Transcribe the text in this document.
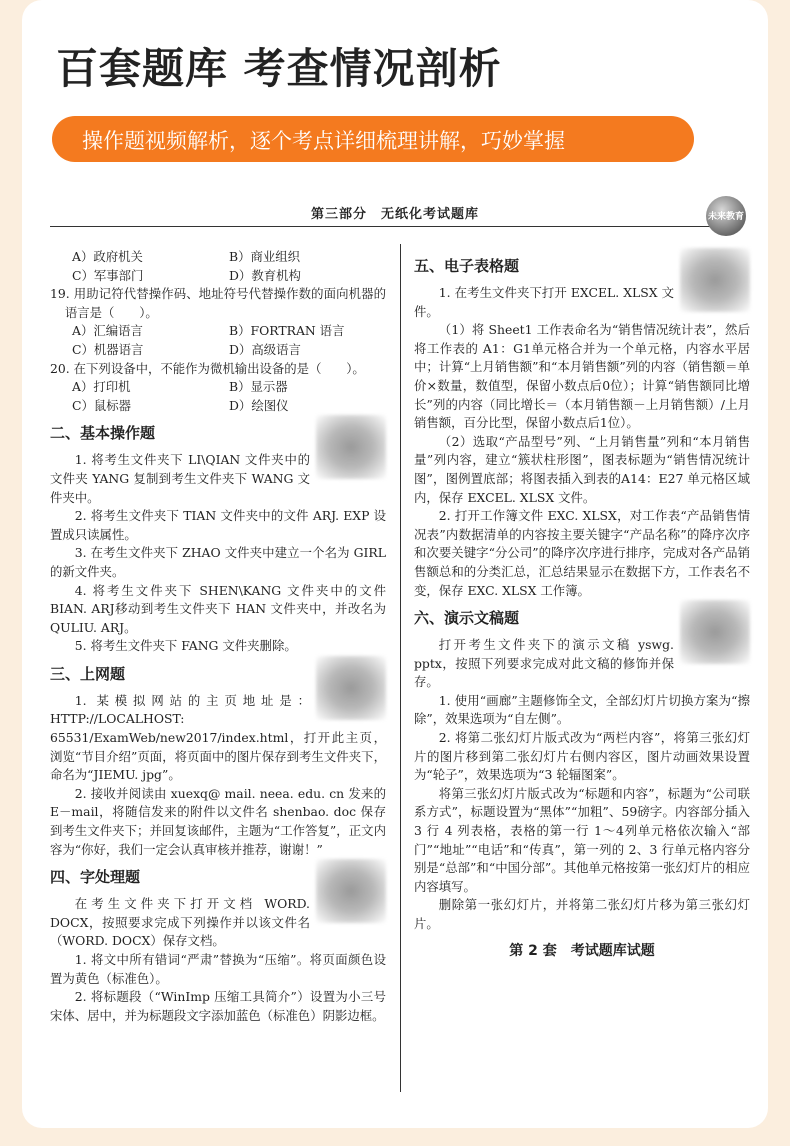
百套题库 考查情况剖析
操作题视频解析，逐个考点详细梳理讲解，巧妙掌握
第三部分　无纸化考试题库	未来教育
A）政府机关	B）商业组织
C）军事部门	D）教育机构

19. 用助记符代替操作码、地址符号代替操作数的面向机器的语言是（　　）。

A）汇编语言	B）FORTRAN 语言
C）机器语言	D）高级语言

20. 在下列设备中，不能作为微机输出设备的是（　　）。

A）打印机	B）显示器
C）鼠标器	D）绘图仪
二、基本操作题

1. 将考生文件夹下 LI\QIAN 文件夹中的文件夹 YANG 复制到考生文件夹下 WANG 文件夹中。

2. 将考生文件夹下 TIAN 文件夹中的文件 ARJ. EXP 设置成只读属性。

3. 在考生文件夹下 ZHAO 文件夹中建立一个名为 GIRL 的新文件夹。

4. 将考生文件夹下 SHEN\KANG 文件夹中的文件BIAN. ARJ移动到考生文件夹下 HAN 文件夹中，并改名为 QULIU. ARJ。

5. 将考生文件夹下 FANG 文件夹删除。

三、上网题

1. 某模拟网站的主页地址是：HTTP://LOCALHOST: 65531/ExamWeb/new2017/index.html，打开此主页，浏览“节目介绍”页面，将页面中的图片保存到考生文件夹下，命名为“JIEMU. jpg”。

2. 接收并阅读由 xuexq@ mail. neea. edu. cn 发来的 E－mail，将随信发来的附件以文件名 shenbao. doc 保存到考生文件夹下；并回复该邮件，主题为“工作答复”，正文内容为“你好，我们一定会认真审核并推荐，谢谢！”

四、字处理题

在考生文件夹下打开文档 WORD. DOCX，按照要求完成下列操作并以该文件名（WORD. DOCX）保存文档。

1. 将文中所有错词“严肃”替换为“压缩”。将页面颜色设置为黄色（标准色）。

2. 将标题段（“WinImp 压缩工具简介”）设置为小三号宋体、居中，并为标题段文字添加蓝色（标准色）阴影边框。

五、电子表格题

1. 在考生文件夹下打开 EXCEL. XLSX 文件。

（1）将 Sheet1 工作表命名为“销售情况统计表”，然后将工作表的 A1：G1单元格合并为一个单元格，内容水平居中；计算“上月销售额”和“本月销售额”列的内容（销售额＝单价×数量，数值型，保留小数点后0位）；计算“销售额同比增长”列的内容（同比增长＝（本月销售额－上月销售额）/上月销售额，百分比型，保留小数点后1位）。

（2）选取“产品型号”列、“上月销售量”列和“本月销售量”列内容，建立“簇状柱形图”，图表标题为“销售情况统计图”，图例置底部；将图表插入到表的A14：E27 单元格区域内，保存 EXCEL. XLSX 文件。

2. 打开工作簿文件 EXC. XLSX，对工作表“产品销售情况表”内数据清单的内容按主要关键字“产品名称”的降序次序和次要关键字“分公司”的降序次序进行排序，完成对各产品销售额总和的分类汇总，汇总结果显示在数据下方，工作表名不变，保存 EXC. XLSX 工作簿。

六、演示文稿题

打开考生文件夹下的演示文稿 yswg. pptx，按照下列要求完成对此文稿的修饰并保存。

1. 使用“画廊”主题修饰全文，全部幻灯片切换方案为“擦除”，效果选项为“自左侧”。

2. 将第二张幻灯片版式改为“两栏内容”，将第三张幻灯片的图片移到第二张幻灯片右侧内容区，图片动画效果设置为“轮子”，效果选项为“3 轮辐图案”。

将第三张幻灯片版式改为“标题和内容”，标题为“公司联系方式”，标题设置为“黑体”“加粗”、59磅字。内容部分插入 3 行 4 列表格，表格的第一行 1～4列单元格依次输入“部门”“地址”“电话”和“传真”，第一列的 2、3 行单元格内容分别是“总部”和“中国分部”。其他单元格按第一张幻灯片的相应内容填写。

删除第一张幻灯片，并将第二张幻灯片移为第三张幻灯片。

第 2 套　考试题库试题
